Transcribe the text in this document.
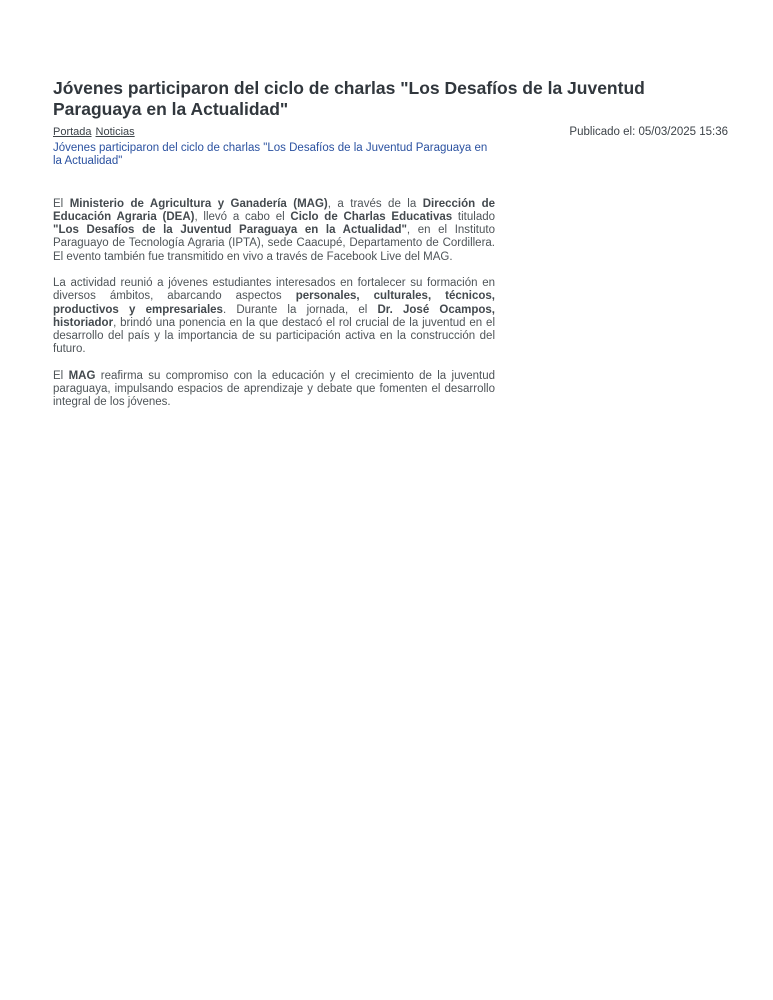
Jóvenes participaron del ciclo de charlas "Los Desafíos de la Juventud Paraguaya en la Actualidad"
Portada Noticias
Jóvenes participaron del ciclo de charlas "Los Desafíos de la Juventud Paraguaya en la Actualidad"
Publicado el: 05/03/2025 15:36

El Ministerio de Agricultura y Ganadería (MAG), a través de la Dirección de Educación Agraria (DEA), llevó a cabo el Ciclo de Charlas Educativas titulado "Los Desafíos de la Juventud Paraguaya en la Actualidad", en el Instituto Paraguayo de Tecnología Agraria (IPTA), sede Caacupé, Departamento de Cordillera. El evento también fue transmitido en vivo a través de Facebook Live del MAG.

La actividad reunió a jóvenes estudiantes interesados en fortalecer su formación en diversos ámbitos, abarcando aspectos personales, culturales, técnicos, productivos y empresariales. Durante la jornada, el Dr. José Ocampos, historiador, brindó una ponencia en la que destacó el rol crucial de la juventud en el desarrollo del país y la importancia de su participación activa en la construcción del futuro.

El MAG reafirma su compromiso con la educación y el crecimiento de la juventud paraguaya, impulsando espacios de aprendizaje y debate que fomenten el desarrollo integral de los jóvenes.
